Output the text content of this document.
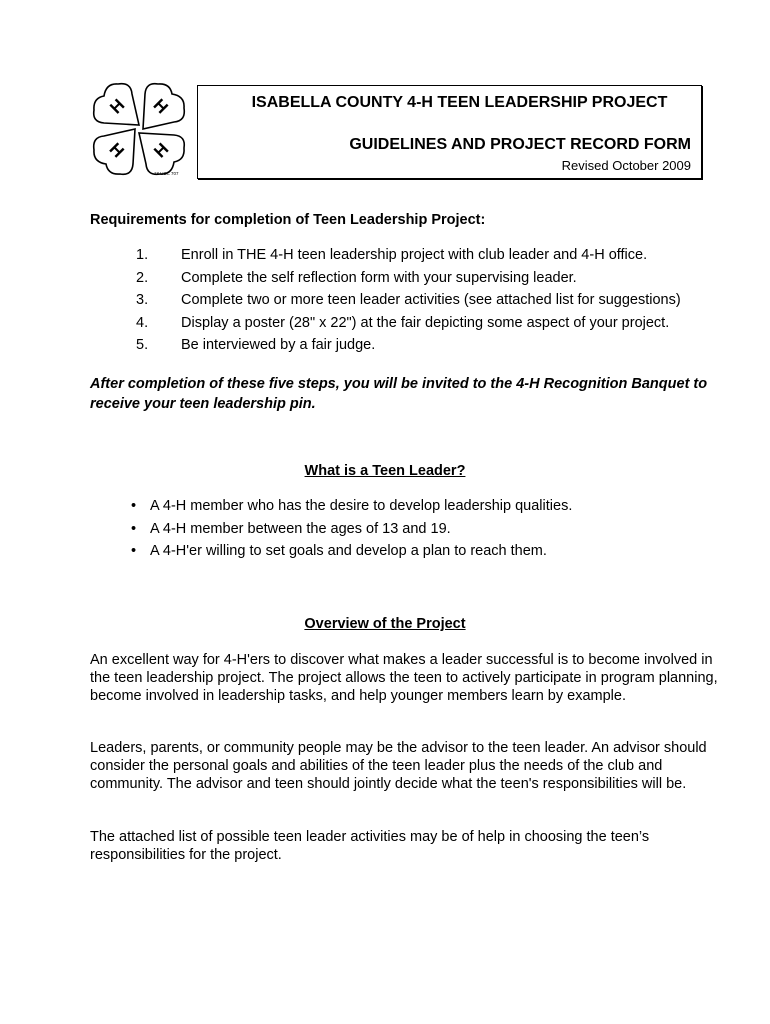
H H
H H
18 USC 707
ISABELLA COUNTY 4-H TEEN LEADERSHIP PROJECT
GUIDELINES AND PROJECT RECORD FORM
Revised October 2009
Requirements for completion of Teen Leadership Project:
1. Enroll in THE 4-H teen leadership project with club leader and 4-H office.
2. Complete the self reflection form with your supervising leader.
3. Complete two or more teen leader activities (see attached list for suggestions)
4. Display a poster (28" x 22") at the fair depicting some aspect of your project.
5. Be interviewed by a fair judge.
After completion of these five steps, you will be invited to the 4-H Recognition Banquet to receive your teen leadership pin.
What is a Teen Leader?
• A 4-H member who has the desire to develop leadership qualities.
• A 4-H member between the ages of 13 and 19.
• A 4-H'er willing to set goals and develop a plan to reach them.
Overview of the Project

An excellent way for 4-H'ers to discover what makes a leader successful is to become involved in the teen leadership project. The project allows the teen to actively participate in program planning, become involved in leadership tasks, and help younger members learn by example.

Leaders, parents, or community people may be the advisor to the teen leader. An advisor should consider the personal goals and abilities of the teen leader plus the needs of the club and community. The advisor and teen should jointly decide what the teen's responsibilities will be.

The attached list of possible teen leader activities may be of help in choosing the teen’s responsibilities for the project.
